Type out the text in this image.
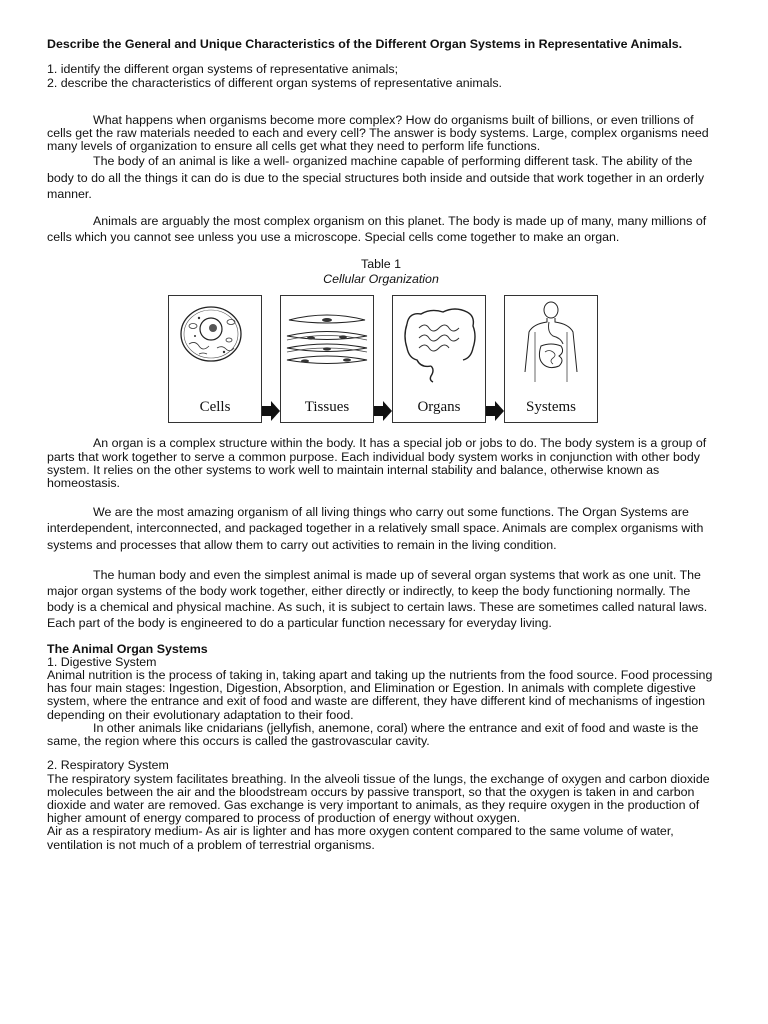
Describe the General and Unique Characteristics of the Different Organ Systems in Representative Animals.

1. identify the different organ systems of representative animals;

2. describe the characteristics of different organ systems of representative animals.

What happens when organisms become more complex? How do organisms built of billions, or even trillions of cells get the raw materials needed to each and every cell? The answer is body systems. Large, complex organisms need many levels of organization to ensure all cells get what they need to perform life functions.

The body of an animal is like a well- organized machine capable of performing different task. The ability of the body to do all the things it can do is due to the special structures both inside and outside that work together in an orderly manner.

Animals are arguably the most complex organism on this planet. The body is made up of many, many millions of cells which you cannot see unless you use a microscope. Special cells come together to make an organ.

Table 1
Cellular Organization
Cells	Tissues	Organs	Systems

An organ is a complex structure within the body. It has a special job or jobs to do. The body system is a group of parts that work together to serve a common purpose. Each individual body system works in conjunction with other body system. It relies on the other systems to work well to maintain internal stability and balance, otherwise known as homeostasis.

We are the most amazing organism of all living things who carry out some functions. The Organ Systems are interdependent, interconnected, and packaged together in a relatively small space. Animals are complex organisms with systems and processes that allow them to carry out activities to remain in the living condition.

The human body and even the simplest animal is made up of several organ systems that work as one unit. The major organ systems of the body work together, either directly or indirectly, to keep the body functioning normally. The body is a chemical and physical machine. As such, it is subject to certain laws. These are sometimes called natural laws. Each part of the body is engineered to do a particular function necessary for everyday living.

The Animal Organ Systems

1. Digestive System

Animal nutrition is the process of taking in, taking apart and taking up the nutrients from the food source. Food processing has four main stages: Ingestion, Digestion, Absorption, and Elimination or Egestion. In animals with complete digestive system, where the entrance and exit of food and waste are different, they have different kind of mechanisms of ingestion depending on their evolutionary adaptation to their food.

In other animals like cnidarians (jellyfish, anemone, coral) where the entrance and exit of food and waste is the same, the region where this occurs is called the gastrovascular cavity.

2. Respiratory System

The respiratory system facilitates breathing. In the alveoli tissue of the lungs, the exchange of oxygen and carbon dioxide molecules between the air and the bloodstream occurs by passive transport, so that the oxygen is taken in and carbon dioxide and water are removed. Gas exchange is very important to animals, as they require oxygen in the production of higher amount of energy compared to process of production of energy without oxygen.

Air as a respiratory medium- As air is lighter and has more oxygen content compared to the same volume of water, ventilation is not much of a problem of terrestrial organisms.
